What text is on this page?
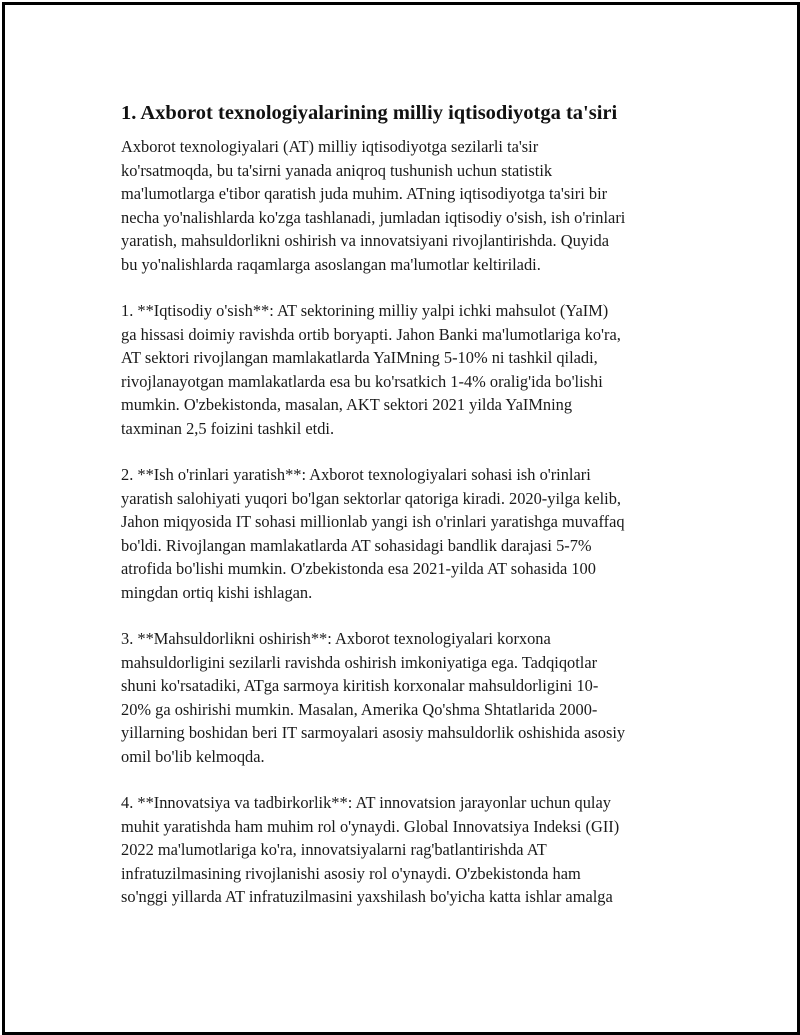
1. Axborot texnologiyalarining milliy iqtisodiyotga ta'siri

Axborot texnologiyalari (AT) milliy iqtisodiyotga sezilarli ta'sir
ko'rsatmoqda, bu ta'sirni yanada aniqroq tushunish uchun statistik
ma'lumotlarga e'tibor qaratish juda muhim. ATning iqtisodiyotga ta'siri bir
necha yo'nalishlarda ko'zga tashlanadi, jumladan iqtisodiy o'sish, ish o'rinlari
yaratish, mahsuldorlikni oshirish va innovatsiyani rivojlantirishda. Quyida
bu yo'nalishlarda raqamlarga asoslangan ma'lumotlar keltiriladi.

1. **Iqtisodiy o'sish**: AT sektorining milliy yalpi ichki mahsulot (YaIM)
ga hissasi doimiy ravishda ortib boryapti. Jahon Banki ma'lumotlariga ko'ra,
AT sektori rivojlangan mamlakatlarda YaIMning 5-10% ni tashkil qiladi,
rivojlanayotgan mamlakatlarda esa bu ko'rsatkich 1-4% oralig'ida bo'lishi
mumkin. O'zbekistonda, masalan, AKT sektori 2021 yilda YaIMning
taxminan 2,5 foizini tashkil etdi.

2. **Ish o'rinlari yaratish**: Axborot texnologiyalari sohasi ish o'rinlari
yaratish salohiyati yuqori bo'lgan sektorlar qatoriga kiradi. 2020-yilga kelib,
Jahon miqyosida IT sohasi millionlab yangi ish o'rinlari yaratishga muvaffaq
bo'ldi. Rivojlangan mamlakatlarda AT sohasidagi bandlik darajasi 5-7%
atrofida bo'lishi mumkin. O'zbekistonda esa 2021-yilda AT sohasida 100
mingdan ortiq kishi ishlagan.

3. **Mahsuldorlikni oshirish**: Axborot texnologiyalari korxona
mahsuldorligini sezilarli ravishda oshirish imkoniyatiga ega. Tadqiqotlar
shuni ko'rsatadiki, ATga sarmoya kiritish korxonalar mahsuldorligini 10-
20% ga oshirishi mumkin. Masalan, Amerika Qo'shma Shtatlarida 2000-
yillarning boshidan beri IT sarmoyalari asosiy mahsuldorlik oshishida asosiy
omil bo'lib kelmoqda.

4. **Innovatsiya va tadbirkorlik**: AT innovatsion jarayonlar uchun qulay
muhit yaratishda ham muhim rol o'ynaydi. Global Innovatsiya Indeksi (GII)
2022 ma'lumotlariga ko'ra, innovatsiyalarni rag'batlantirishda AT
infratuzilmasining rivojlanishi asosiy rol o'ynaydi. O'zbekistonda ham
so'nggi yillarda AT infratuzilmasini yaxshilash bo'yicha katta ishlar amalga
